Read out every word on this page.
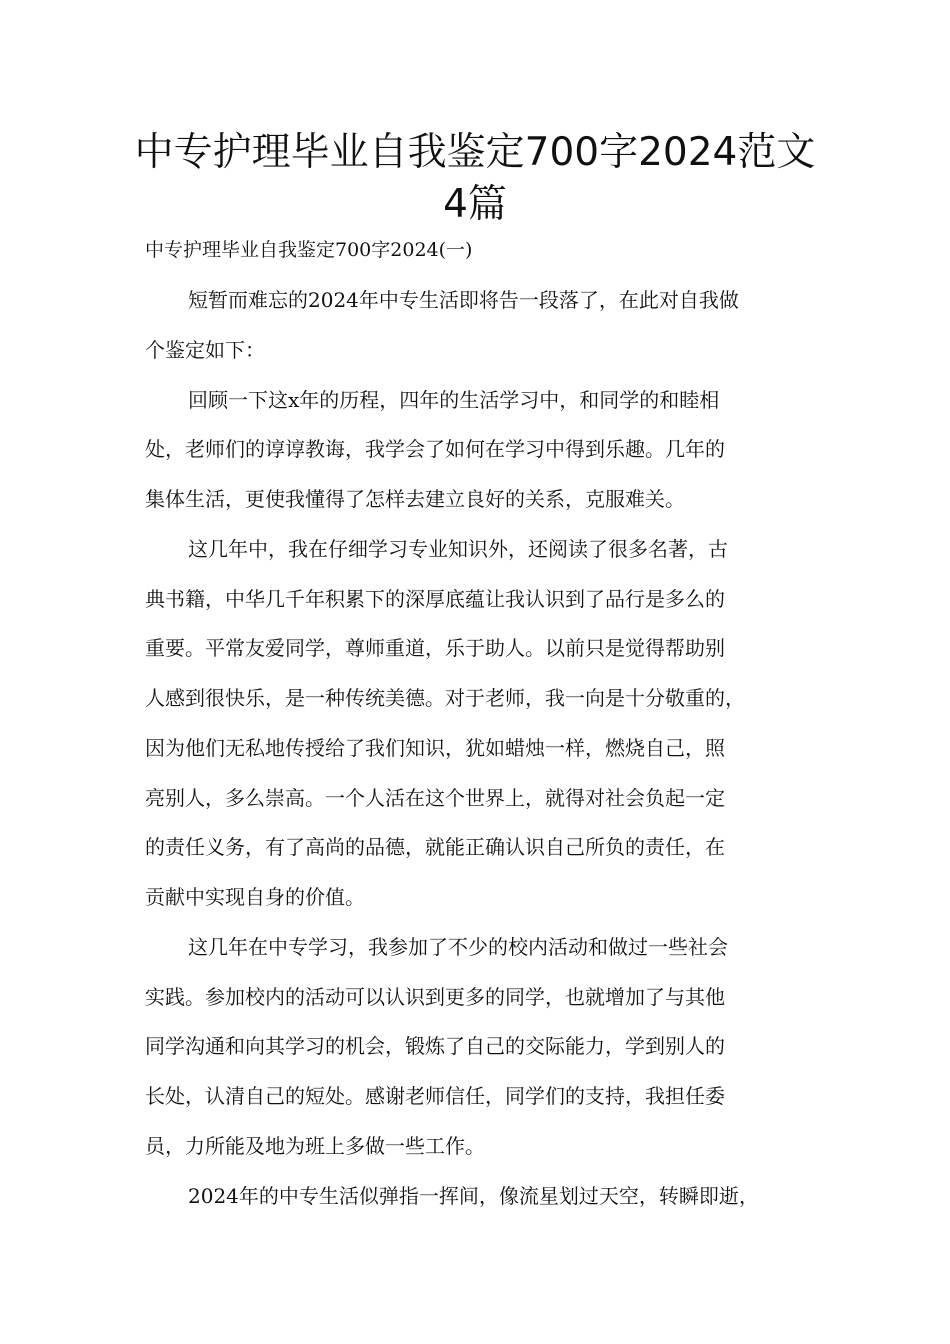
中专护理毕业自我鉴定700字2024范文
4篇

中专护理毕业自我鉴定700字2024(一)

短暂而难忘的2024年中专生活即将告一段落了，在此对自我做

个鉴定如下：

回顾一下这x年的历程，四年的生活学习中，和同学的和睦相

处，老师们的谆谆教诲，我学会了如何在学习中得到乐趣。几年的

集体生活，更使我懂得了怎样去建立良好的关系，克服难关。

这几年中，我在仔细学习专业知识外，还阅读了很多名著，古

典书籍，中华几千年积累下的深厚底蕴让我认识到了品行是多么的

重要。平常友爱同学，尊师重道，乐于助人。以前只是觉得帮助别

人感到很快乐，是一种传统美德。对于老师，我一向是十分敬重的，

因为他们无私地传授给了我们知识，犹如蜡烛一样，燃烧自己，照

亮别人，多么崇高。一个人活在这个世界上，就得对社会负起一定

的责任义务，有了高尚的品德，就能正确认识自己所负的责任，在

贡献中实现自身的价值。

这几年在中专学习，我参加了不少的校内活动和做过一些社会

实践。参加校内的活动可以认识到更多的同学，也就增加了与其他

同学沟通和向其学习的机会，锻炼了自己的交际能力，学到别人的

长处，认清自己的短处。感谢老师信任，同学们的支持，我担任委

员，力所能及地为班上多做一些工作。

2024年的中专生活似弹指一挥间，像流星划过天空，转瞬即逝，
